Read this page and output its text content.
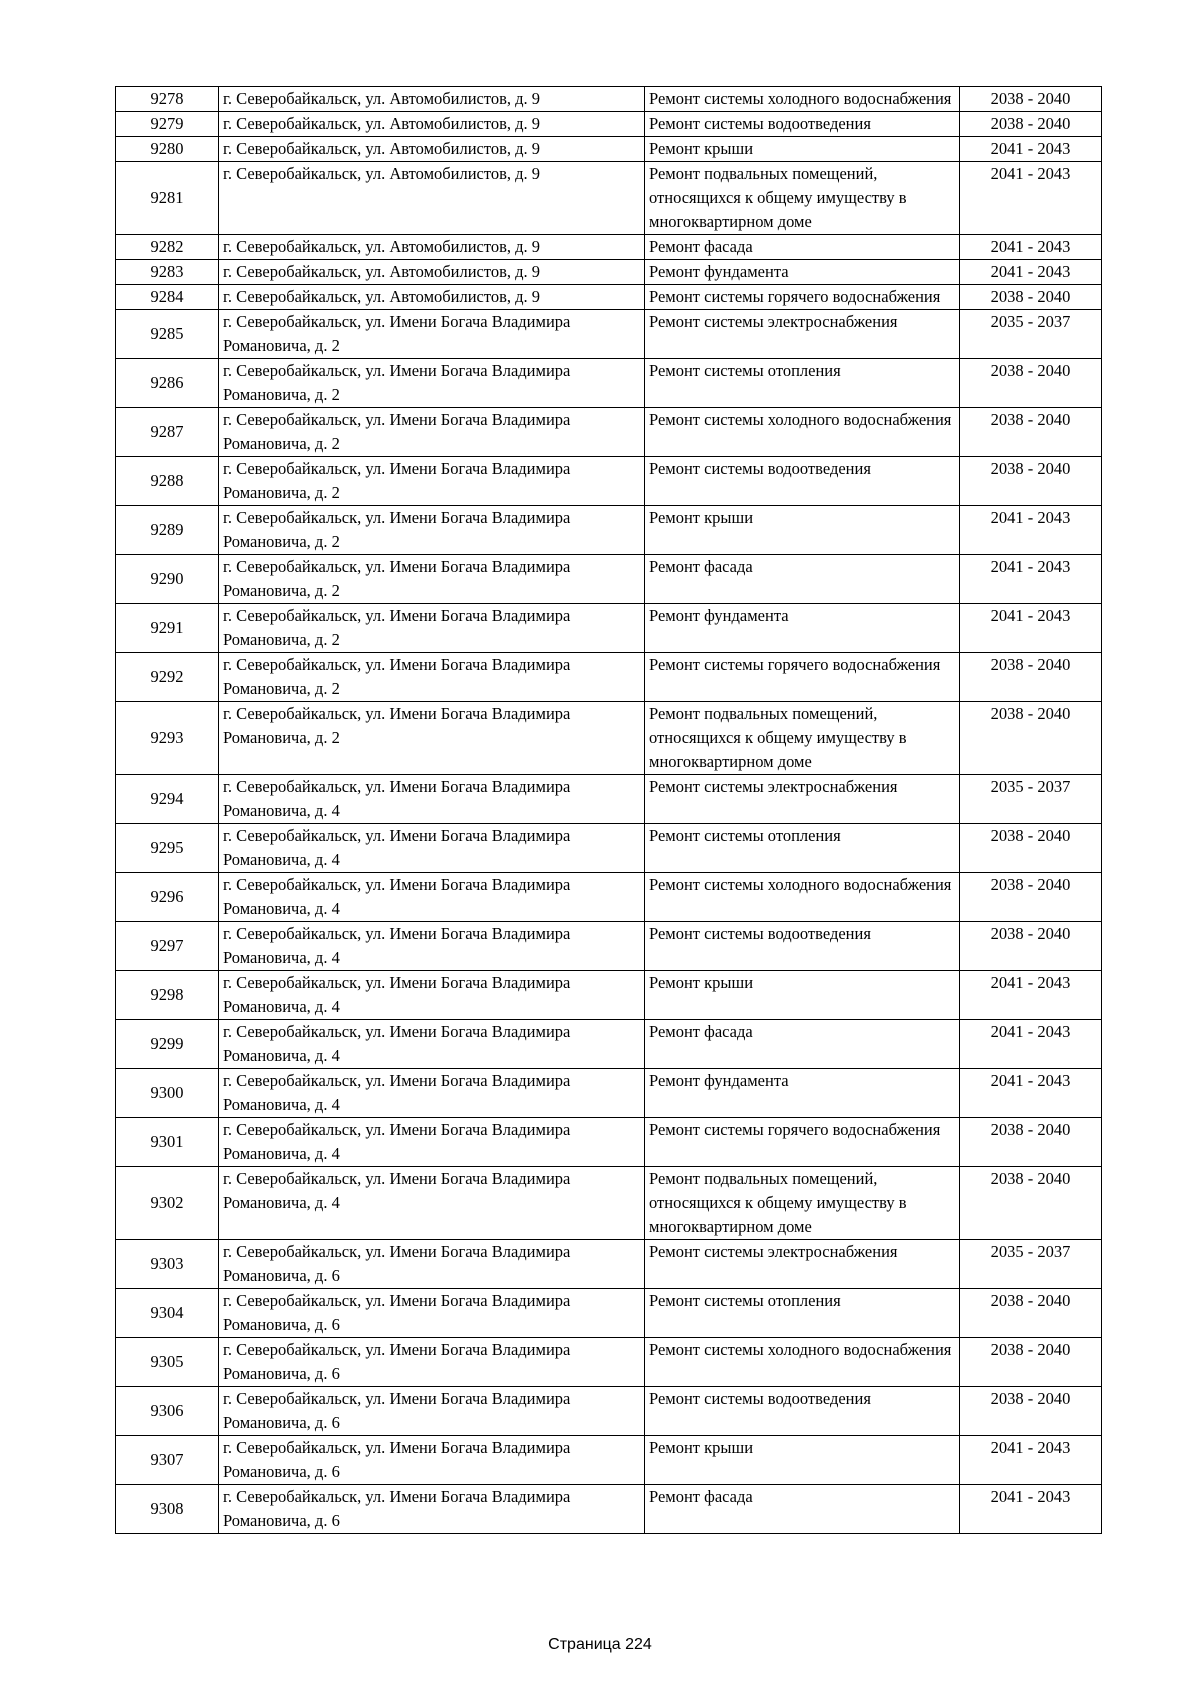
9278	г. Северобайкальск, ул. Автомобилистов, д. 9	Ремонт системы холодного водоснабжения	2038 - 2040
9279	г. Северобайкальск, ул. Автомобилистов, д. 9	Ремонт системы водоотведения	2038 - 2040
9280	г. Северобайкальск, ул. Автомобилистов, д. 9	Ремонт крыши	2041 - 2043
9281	г. Северобайкальск, ул. Автомобилистов, д. 9	Ремонт подвальных помещений, относящихся к общему имуществу в многоквартирном доме	2041 - 2043
9282	г. Северобайкальск, ул. Автомобилистов, д. 9	Ремонт фасада	2041 - 2043
9283	г. Северобайкальск, ул. Автомобилистов, д. 9	Ремонт фундамента	2041 - 2043
9284	г. Северобайкальск, ул. Автомобилистов, д. 9	Ремонт системы горячего водоснабжения	2038 - 2040
9285	г. Северобайкальск, ул. Имени Богача Владимира Романовича, д. 2	Ремонт системы электроснабжения	2035 - 2037
9286	г. Северобайкальск, ул. Имени Богача Владимира Романовича, д. 2	Ремонт системы отопления	2038 - 2040
9287	г. Северобайкальск, ул. Имени Богача Владимира Романовича, д. 2	Ремонт системы холодного водоснабжения	2038 - 2040
9288	г. Северобайкальск, ул. Имени Богача Владимира Романовича, д. 2	Ремонт системы водоотведения	2038 - 2040
9289	г. Северобайкальск, ул. Имени Богача Владимира Романовича, д. 2	Ремонт крыши	2041 - 2043
9290	г. Северобайкальск, ул. Имени Богача Владимира Романовича, д. 2	Ремонт фасада	2041 - 2043
9291	г. Северобайкальск, ул. Имени Богача Владимира Романовича, д. 2	Ремонт фундамента	2041 - 2043
9292	г. Северобайкальск, ул. Имени Богача Владимира Романовича, д. 2	Ремонт системы горячего водоснабжения	2038 - 2040
9293	г. Северобайкальск, ул. Имени Богача Владимира Романовича, д. 2	Ремонт подвальных помещений, относящихся к общему имуществу в многоквартирном доме	2038 - 2040
9294	г. Северобайкальск, ул. Имени Богача Владимира Романовича, д. 4	Ремонт системы электроснабжения	2035 - 2037
9295	г. Северобайкальск, ул. Имени Богача Владимира Романовича, д. 4	Ремонт системы отопления	2038 - 2040
9296	г. Северобайкальск, ул. Имени Богача Владимира Романовича, д. 4	Ремонт системы холодного водоснабжения	2038 - 2040
9297	г. Северобайкальск, ул. Имени Богача Владимира Романовича, д. 4	Ремонт системы водоотведения	2038 - 2040
9298	г. Северобайкальск, ул. Имени Богача Владимира Романовича, д. 4	Ремонт крыши	2041 - 2043
9299	г. Северобайкальск, ул. Имени Богача Владимира Романовича, д. 4	Ремонт фасада	2041 - 2043
9300	г. Северобайкальск, ул. Имени Богача Владимира Романовича, д. 4	Ремонт фундамента	2041 - 2043
9301	г. Северобайкальск, ул. Имени Богача Владимира Романовича, д. 4	Ремонт системы горячего водоснабжения	2038 - 2040
9302	г. Северобайкальск, ул. Имени Богача Владимира Романовича, д. 4	Ремонт подвальных помещений, относящихся к общему имуществу в многоквартирном доме	2038 - 2040
9303	г. Северобайкальск, ул. Имени Богача Владимира Романовича, д. 6	Ремонт системы электроснабжения	2035 - 2037
9304	г. Северобайкальск, ул. Имени Богача Владимира Романовича, д. 6	Ремонт системы отопления	2038 - 2040
9305	г. Северобайкальск, ул. Имени Богача Владимира Романовича, д. 6	Ремонт системы холодного водоснабжения	2038 - 2040
9306	г. Северобайкальск, ул. Имени Богача Владимира Романовича, д. 6	Ремонт системы водоотведения	2038 - 2040
9307	г. Северобайкальск, ул. Имени Богача Владимира Романовича, д. 6	Ремонт крыши	2041 - 2043
9308	г. Северобайкальск, ул. Имени Богача Владимира Романовича, д. 6	Ремонт фасада	2041 - 2043
Страница 224
